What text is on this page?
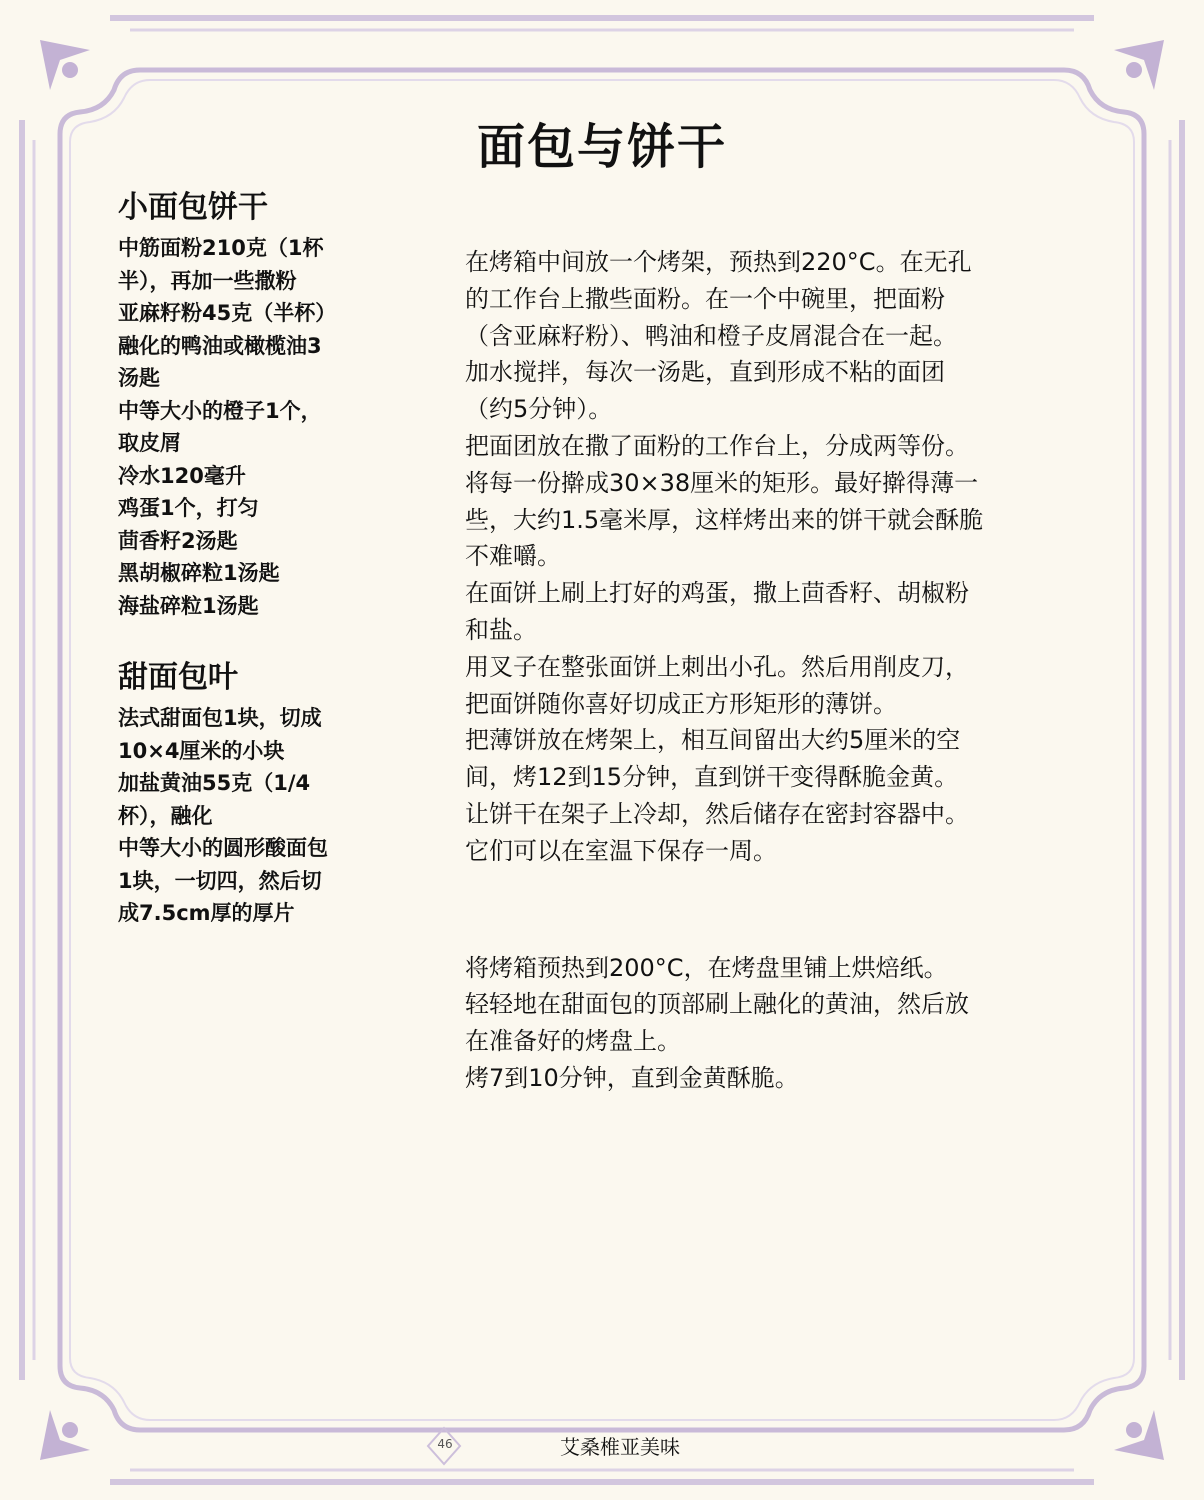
面包与饼干

小面包饼干

中筋面粉210克（1杯

半），再加一些撒粉

亚麻籽粉45克（半杯）

融化的鸭油或橄榄油3

汤匙

中等大小的橙子1个，

取皮屑

冷水120毫升

鸡蛋1个，打匀

茴香籽2汤匙

黑胡椒碎粒1汤匙

海盐碎粒1汤匙

甜面包叶

法式甜面包1块，切成

10×4厘米的小块

加盐黄油55克（1/4

杯），融化

中等大小的圆形酸面包

1块，一切四，然后切

成7.5cm厚的厚片

在烤箱中间放一个烤架，预热到220°C。在无孔

的工作台上撒些面粉。在一个中碗里，把面粉

（含亚麻籽粉）、鸭油和橙子皮屑混合在一起。

加水搅拌，每次一汤匙，直到形成不粘的面团

（约5分钟）。

把面团放在撒了面粉的工作台上，分成两等份。

将每一份擀成30×38厘米的矩形。最好擀得薄一

些，大约1.5毫米厚，这样烤出来的饼干就会酥脆

不难嚼。

在面饼上刷上打好的鸡蛋，撒上茴香籽、胡椒粉

和盐。

用叉子在整张面饼上刺出小孔。然后用削皮刀，

把面饼随你喜好切成正方形矩形的薄饼。

把薄饼放在烤架上，相互间留出大约5厘米的空

间，烤12到15分钟，直到饼干变得酥脆金黄。

让饼干在架子上冷却，然后储存在密封容器中。

它们可以在室温下保存一周。

将烤箱预热到200°C，在烤盘里铺上烘焙纸。

轻轻地在甜面包的顶部刷上融化的黄油，然后放

在准备好的烤盘上。

烤7到10分钟，直到金黄酥脆。

46	艾桑椎亚美味
